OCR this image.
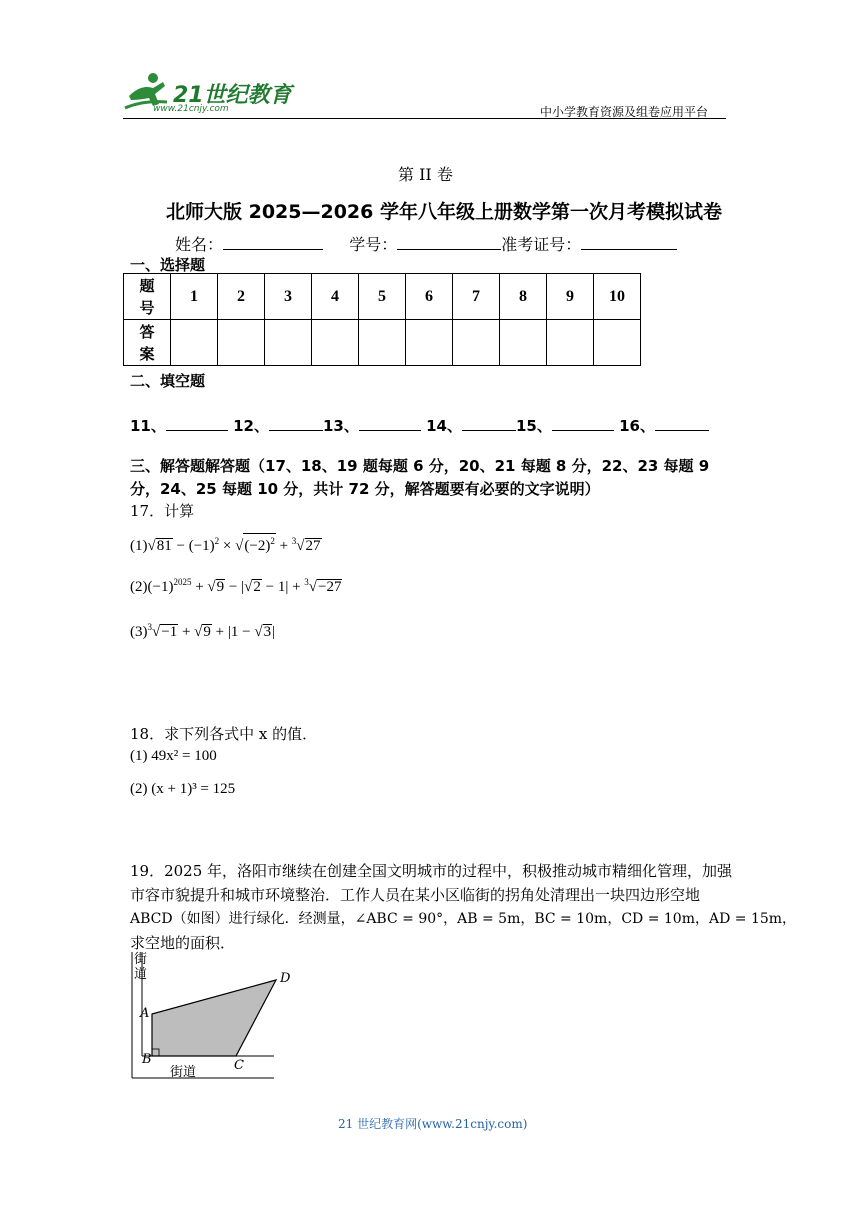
21世纪教育
www.21cnjy.com	中小学教育资源及组卷应用平台
第 II 卷
北师大版 2025—2026 学年八年级上册数学第一次月考模拟试卷
姓名：	学号：	准考证号：
一、选择题
题
号	1	2	3	4	5	6	7	8	9	10
答
案										
二、填空题
11、	12、	13、	14、	15、	16、
三、解答题解答题（17、18、19 题每题 6 分，20、21 每题 8 分，22、23 每题 9
分，24、25 每题 10 分，共计 72 分，解答题要有必要的文字说明）
17．计算
$(1)√81 - (-1)^2 \times √(-2)^2 + ^3√27$
$(2)(-1)^{2025} + √9 - |√2 - 1| + ^3√-27$
$(3)^3√-1 + √9 + |1 - √3|$
18．求下列各式中 x 的值．
(1) 49x² = 100
(2) (x + 1)³ = 125
19．2025 年，洛阳市继续在创建全国文明城市的过程中，积极推动城市精细化管理，加强
市容市貌提升和城市环境整治．工作人员在某小区临街的拐角处清理出一块四边形空地
ABCD（如图）进行绿化．经测量，∠ABC = 90°，AB = 5m，BC = 10m，CD = 10m，AD = 15m，
求空地的面积．
街道
街道
A
B	C
D
21 世纪教育网(www.21cnjy.com)
